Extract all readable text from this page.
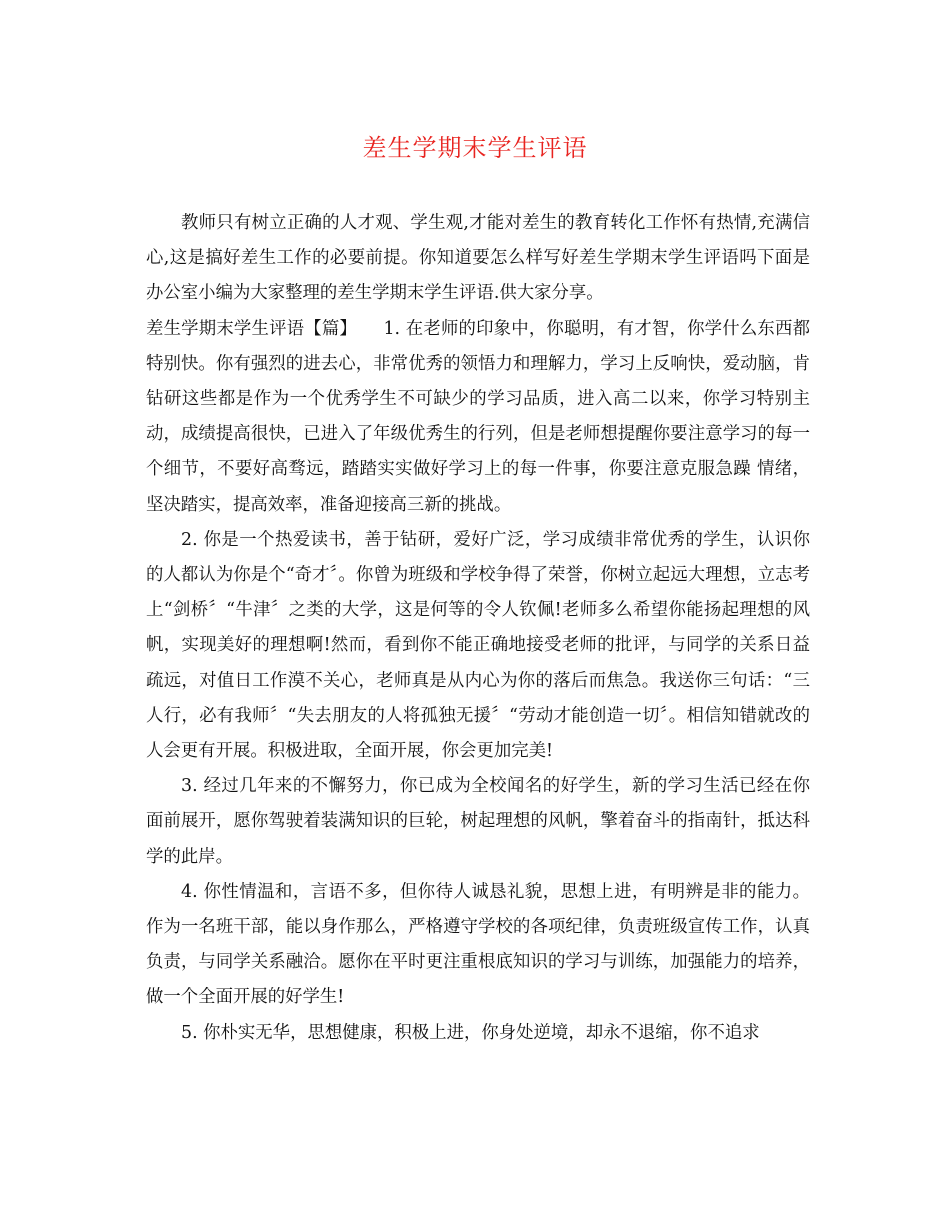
差生学期末学生评语

教师只有树立正确的人才观、学生观,才能对差生的教育转化工作怀有热情,充满信心,这是搞好差生工作的必要前提。你知道要怎么样写好差生学期末学生评语吗下面是办公室小编为大家整理的差生学期末学生评语.供大家分享。

差生学期末学生评语【篇】　　1. 在老师的印象中，你聪明，有才智，你学什么东西都特别快。你有强烈的进去心，非常优秀的领悟力和理解力，学习上反响快，爱动脑，肯钻研这些都是作为一个优秀学生不可缺少的学习品质，进入高二以来，你学习特别主动，成绩提高很快，已进入了年级优秀生的行列，但是老师想提醒你要注意学习的每一个细节，不要好高骛远，踏踏实实做好学习上的每一件事，你要注意克服急躁 情绪，坚决踏实，提高效率，准备迎接高三新的挑战。

2. 你是一个热爱读书，善于钻研，爱好广泛，学习成绩非常优秀的学生，认识你的人都认为你是个“奇才〞。你曾为班级和学校争得了荣誉，你树立起远大理想，立志考上“剑桥〞“牛津〞之类的大学，这是何等的令人钦佩!老师多么希望你能扬起理想的风帆，实现美好的理想啊!然而，看到你不能正确地接受老师的批评，与同学的关系日益疏远，对值日工作漠不关心，老师真是从内心为你的落后而焦急。我送你三句话：“三人行，必有我师〞“失去朋友的人将孤独无援〞“劳动才能创造一切〞。相信知错就改的人会更有开展。积极进取，全面开展，你会更加完美!

3. 经过几年来的不懈努力，你已成为全校闻名的好学生，新的学习生活已经在你面前展开，愿你驾驶着装满知识的巨轮，树起理想的风帆，擎着奋斗的指南针，抵达科学的此岸。

4. 你性情温和，言语不多，但你待人诚恳礼貌，思想上进，有明辨是非的能力。作为一名班干部，能以身作那么，严格遵守学校的各项纪律，负责班级宣传工作，认真负责，与同学关系融洽。愿你在平时更注重根底知识的学习与训练，加强能力的培养，做一个全面开展的好学生!

5. 你朴实无华，思想健康，积极上进，你身处逆境，却永不退缩，你不追求
